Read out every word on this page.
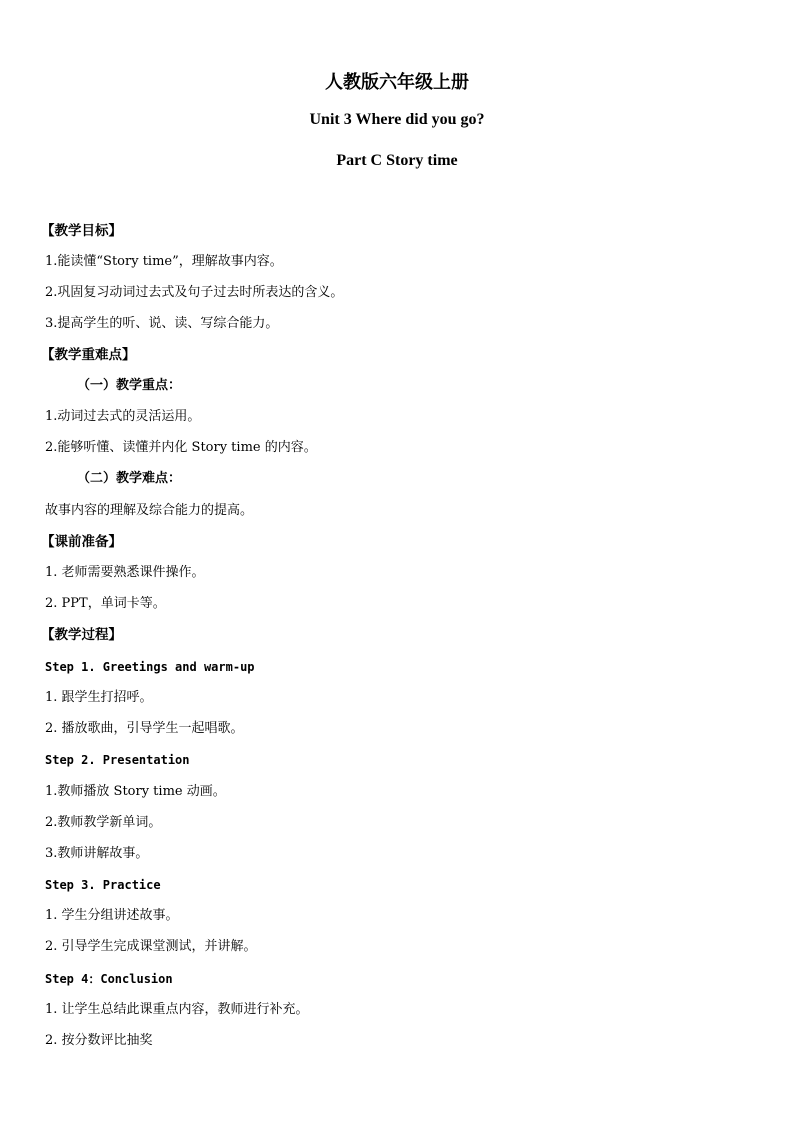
人教版六年级上册
Unit 3 Where did you go?
Part C Story time
【教学目标】
1.能读懂“Story time”，理解故事内容。
2.巩固复习动词过去式及句子过去时所表达的含义。
3.提高学生的听、说、读、写综合能力。
【教学重难点】
（一）教学重点：
1.动词过去式的灵活运用。
2.能够听懂、读懂并内化 Story time 的内容。
（二）教学难点：
故事内容的理解及综合能力的提高。
【课前准备】
1. 老师需要熟悉课件操作。
2. PPT，单词卡等。
【教学过程】
Step 1. Greetings and warm-up
1. 跟学生打招呼。
2. 播放歌曲，引导学生一起唱歌。
Step 2. Presentation
1.教师播放 Story time 动画。
2.教师教学新单词。
3.教师讲解故事。
Step 3. Practice
1. 学生分组讲述故事。
2. 引导学生完成课堂测试，并讲解。
Step 4：Conclusion
1. 让学生总结此课重点内容，教师进行补充。
2. 按分数评比抽奖
